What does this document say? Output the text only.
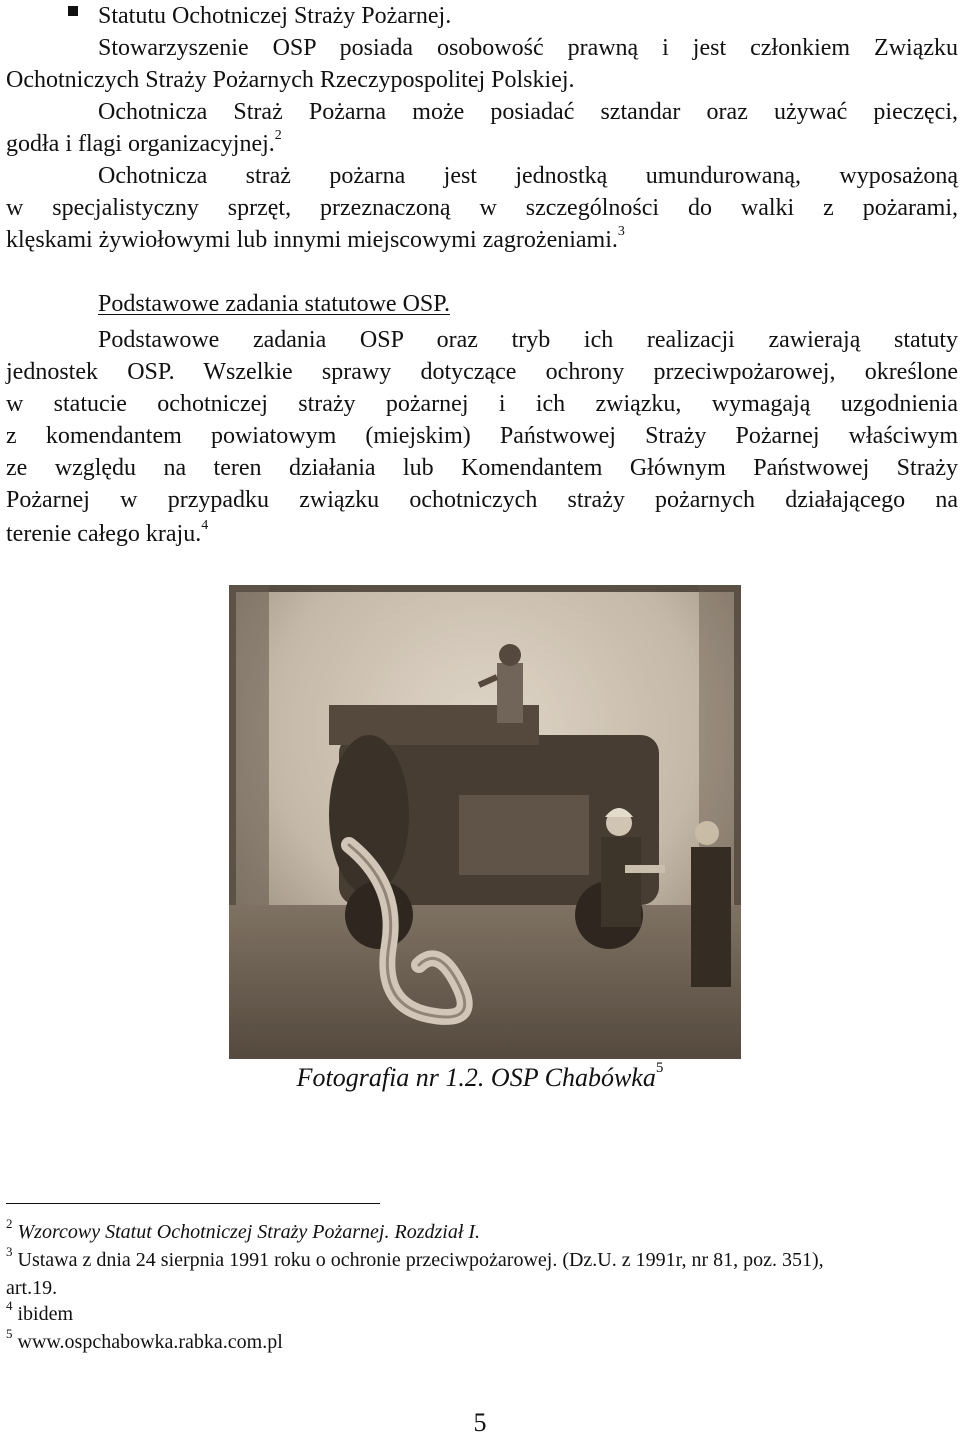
Statutu Ochotniczej Straży Pożarnej.
Stowarzyszenie OSP posiada osobowość prawną i jest członkiem Związku
Ochotniczych Straży Pożarnych Rzeczypospolitej Polskiej.
Ochotnicza Straż Pożarna może posiadać sztandar oraz używać pieczęci,
godła i flagi organizacyjnej.$^2$
Ochotnicza straż pożarna jest jednostką umundurowaną, wyposażoną
w specjalistyczny sprzęt, przeznaczoną w szczególności do walki z pożarami,
klęskami żywiołowymi lub innymi miejscowymi zagrożeniami.$^3$
Podstawowe zadania statutowe OSP.
Podstawowe zadania OSP oraz tryb ich realizacji zawierają statuty
jednostek OSP. Wszelkie sprawy dotyczące ochrony przeciwpożarowej, określone
w statucie ochotniczej straży pożarnej i ich związku, wymagają uzgodnienia
z komendantem powiatowym (miejskim) Państwowej Straży Pożarnej właściwym
ze względu na teren działania lub Komendantem Głównym Państwowej Straży
Pożarnej w przypadku związku ochotniczych straży pożarnych działającego na
terenie całego kraju.$^4$
Fotografia nr 1.2. OSP Chabówka$^5$
$^2$ Wzorcowy Statut Ochotniczej Straży Pożarnej. Rozdział I.
$^3$ Ustawa z dnia 24 sierpnia 1991 roku o ochronie przeciwpożarowej. (Dz.U. z 1991r, nr 81, poz. 351),
art.19.
$^4$ ibidem
$^5$ www.ospchabowka.rabka.com.pl
5
